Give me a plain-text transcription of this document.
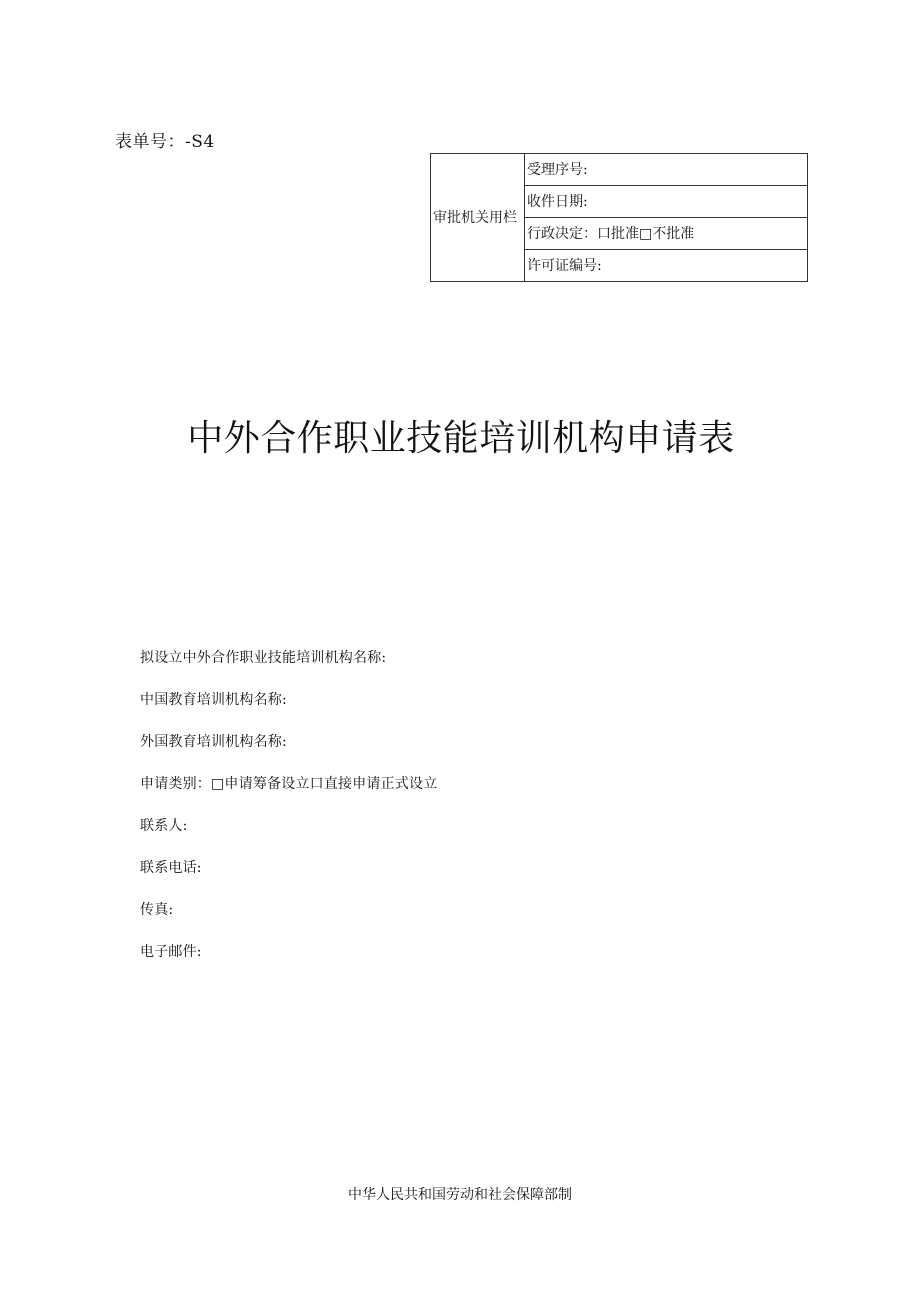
表单号：-S4
审批机关用栏	受理序号:
收件日期:
行政决定：口批准□不批准
许可证编号:
中外合作职业技能培训机构申请表
拟设立中外合作职业技能培训机构名称:
中国教育培训机构名称:
外国教育培训机构名称:
申请类别：□申请筹备设立口直接申请正式设立
联系人:
联系电话:
传真:
电子邮件:
中华人民共和国劳动和社会保障部制
